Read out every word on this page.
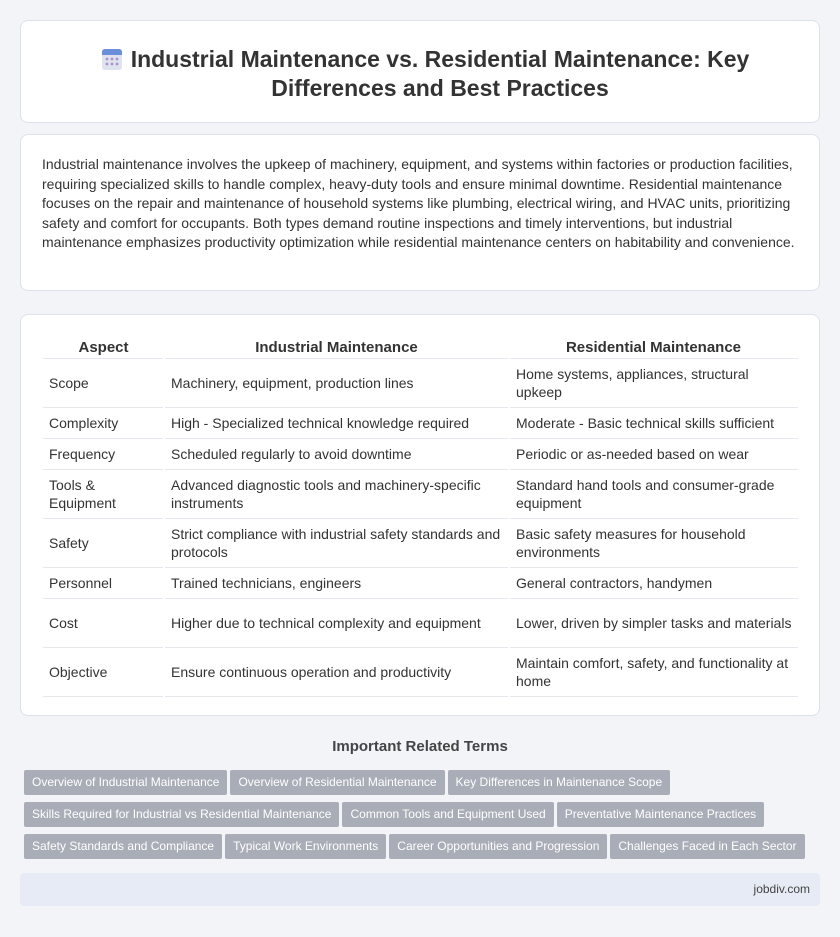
Industrial Maintenance vs. Residential Maintenance: Key Differences and Best Practices

Industrial maintenance involves the upkeep of machinery, equipment, and systems within factories or production facilities, requiring specialized skills to handle complex, heavy-duty tools and ensure minimal downtime. Residential maintenance focuses on the repair and maintenance of household systems like plumbing, electrical wiring, and HVAC units, prioritizing safety and comfort for occupants. Both types demand routine inspections and timely interventions, but industrial maintenance emphasizes productivity optimization while residential maintenance centers on habitability and convenience.

Aspect	Industrial Maintenance	Residential Maintenance
Scope	Machinery, equipment, production lines	Home systems, appliances, structural upkeep
Complexity	High - Specialized technical knowledge required	Moderate - Basic technical skills sufficient
Frequency	Scheduled regularly to avoid downtime	Periodic or as-needed based on wear
Tools & Equipment	Advanced diagnostic tools and machinery-specific instruments	Standard hand tools and consumer-grade equipment
Safety	Strict compliance with industrial safety standards and protocols	Basic safety measures for household environments
Personnel	Trained technicians, engineers	General contractors, handymen
Cost	Higher due to technical complexity and equipment	Lower, driven by simpler tasks and materials
Objective	Ensure continuous operation and productivity	Maintain comfort, safety, and functionality at home
Important Related Terms
Overview of Industrial Maintenance Overview of Residential Maintenance Key Differences in Maintenance Scope
Skills Required for Industrial vs Residential Maintenance Common Tools and Equipment Used Preventative Maintenance Practices
Safety Standards and Compliance Typical Work Environments Career Opportunities and Progression Challenges Faced in Each Sector
jobdiv.com
